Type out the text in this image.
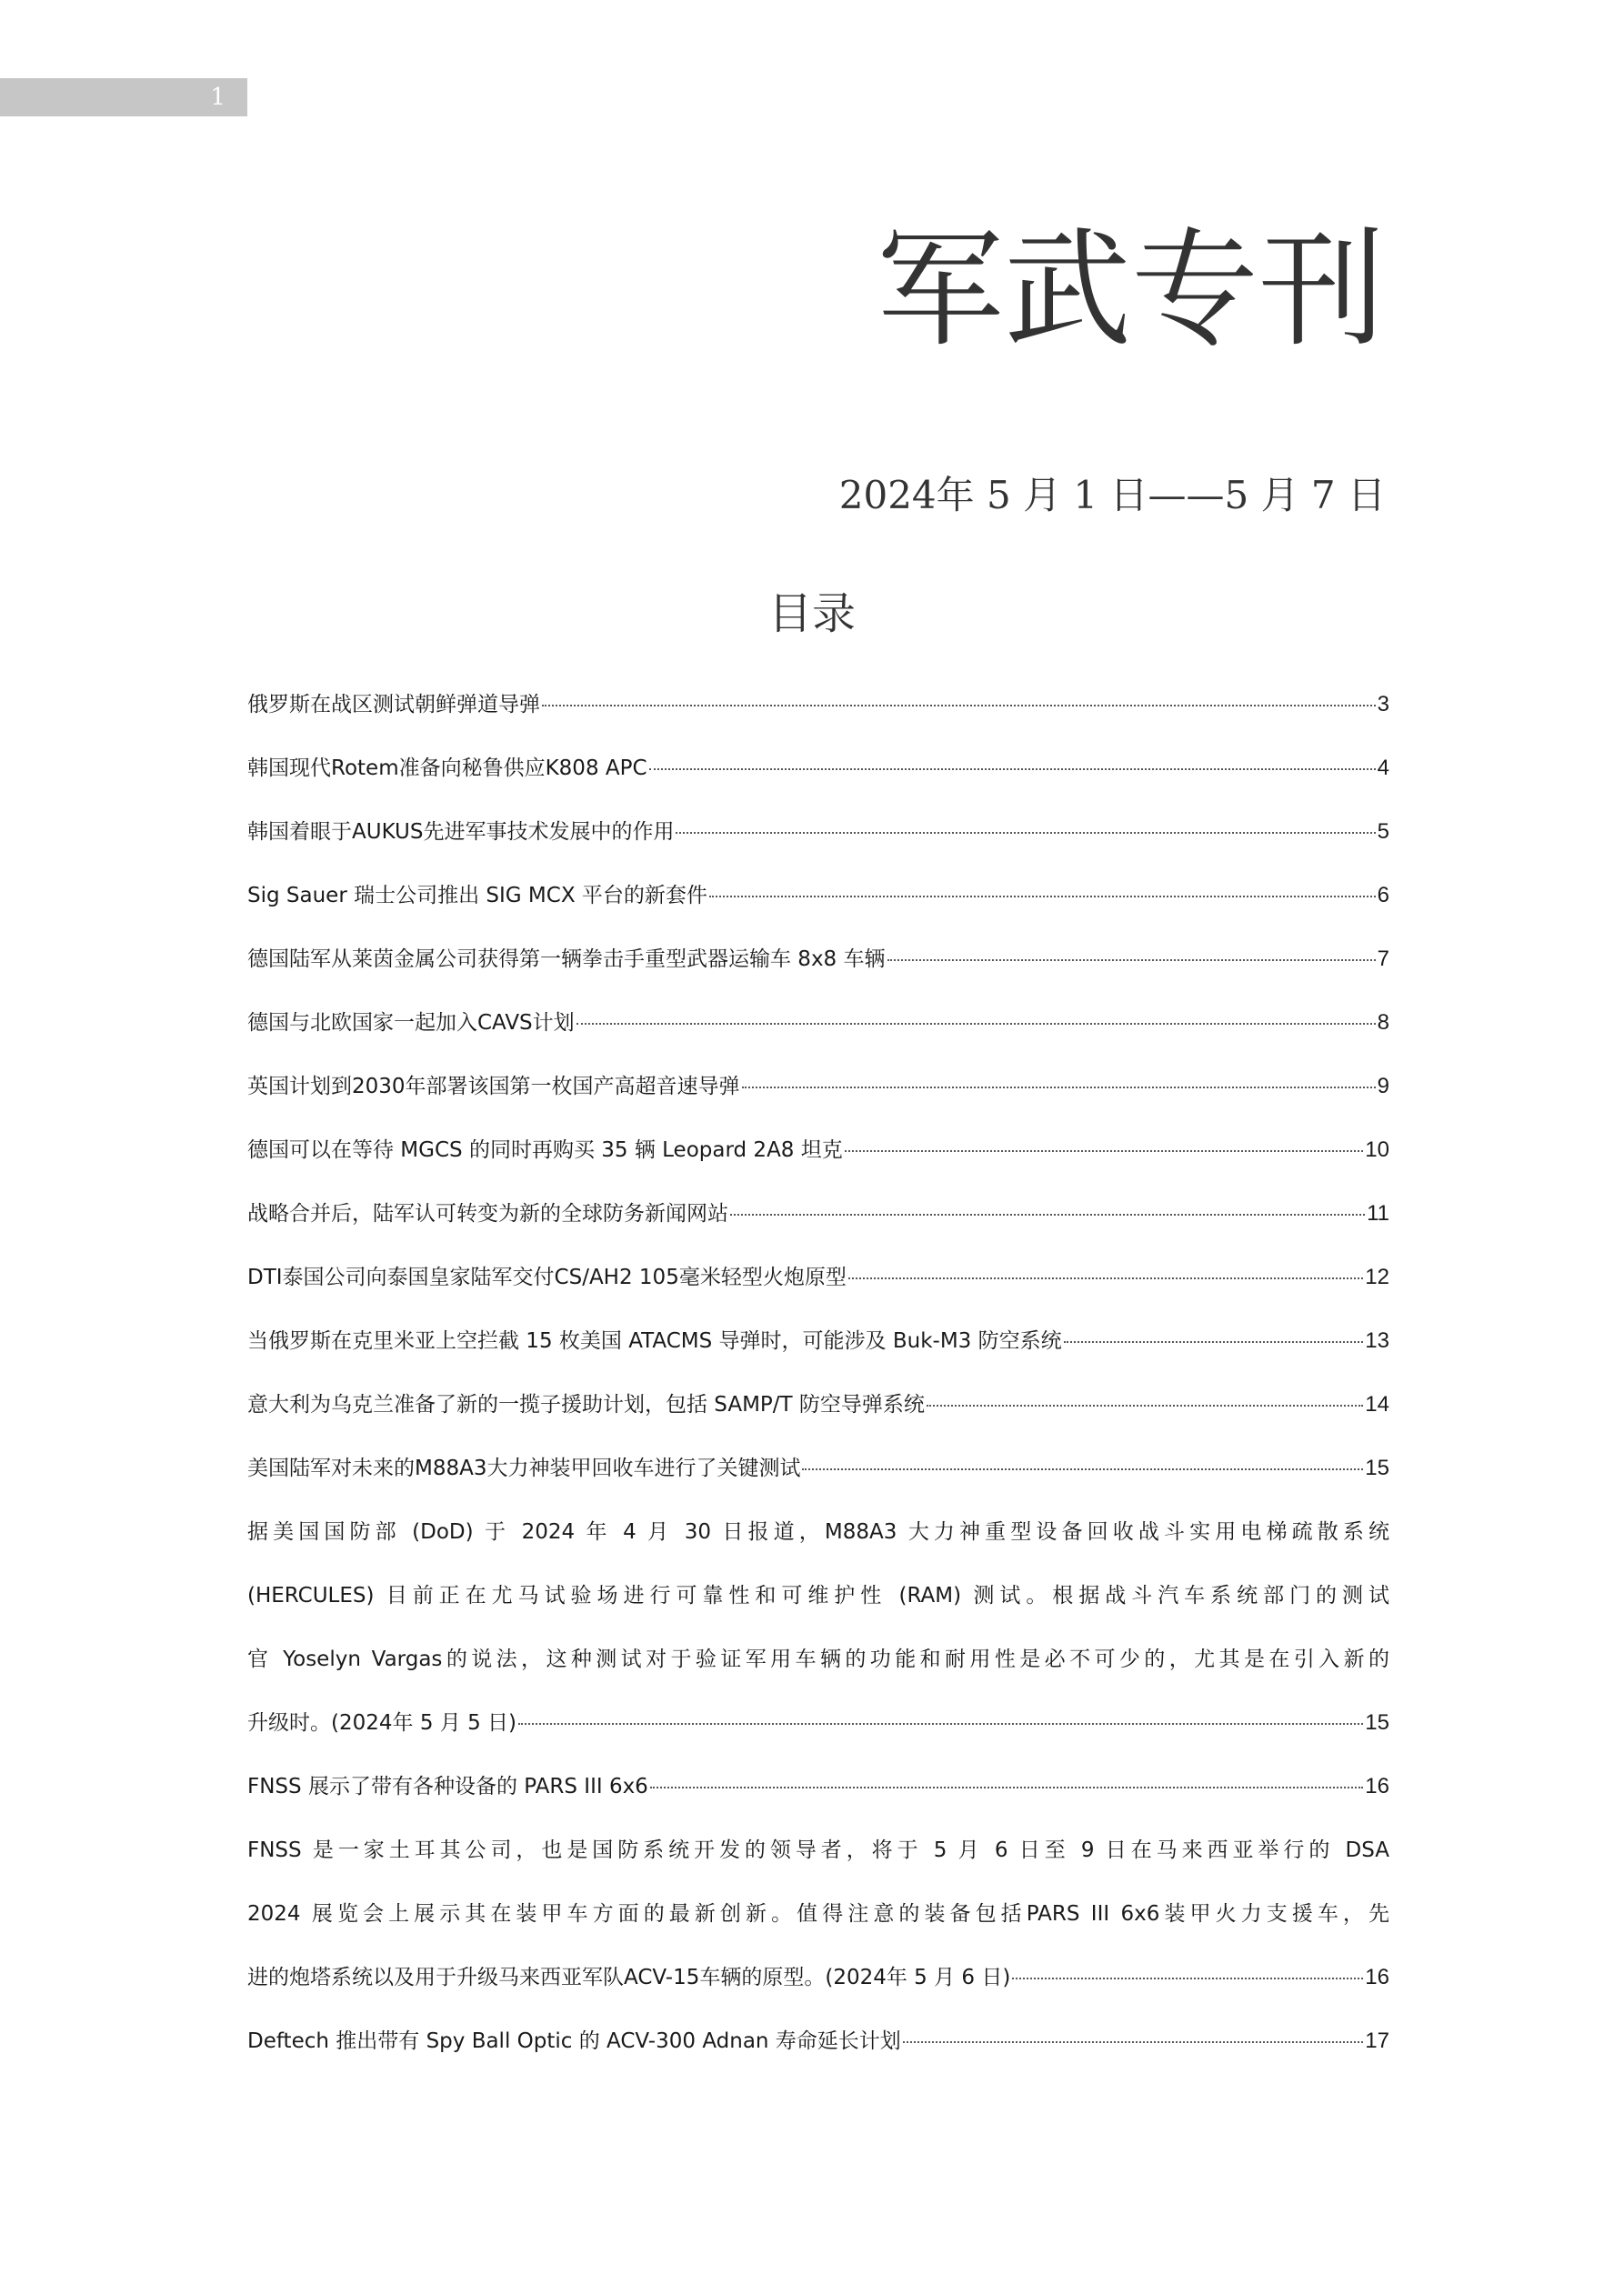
1
军武专刊
2024年 5 月 1 日——5 月 7 日
目录
俄罗斯在战区测试朝鲜弹道导弹	3
韩国现代Rotem准备向秘鲁供应K808 APC	4
韩国着眼于AUKUS先进军事技术发展中的作用	5
Sig Sauer 瑞士公司推出 SIG MCX 平台的新套件	6
德国陆军从莱茵金属公司获得第一辆拳击手重型武器运输车 8x8 车辆	7
德国与北欧国家一起加入CAVS计划	8
英国计划到2030年部署该国第一枚国产高超音速导弹	9
德国可以在等待 MGCS 的同时再购买 35 辆 Leopard 2A8 坦克	10
战略合并后，陆军认可转变为新的全球防务新闻网站	11
DTI泰国公司向泰国皇家陆军交付CS/AH2 105毫米轻型火炮原型	12
当俄罗斯在克里米亚上空拦截 15 枚美国 ATACMS 导弹时，可能涉及 Buk-M3 防空系统	13
意大利为乌克兰准备了新的一揽子援助计划，包括 SAMP/T 防空导弹系统	14
美国陆军对未来的M88A3大力神装甲回收车进行了关键测试	15
据美国国防部 (DoD) 于 2024 年 4 月 30 日报道，M88A3 大力神重型设备回收战斗实用电梯疏散系统
(HERCULES) 目前正在尤马试验场进行可靠性和可维护性 (RAM) 测试。根据战斗汽车系统部门的测试
官 Yoselyn Vargas的说法，这种测试对于验证军用车辆的功能和耐用性是必不可少的，尤其是在引入新的
升级时。(2024年 5 月 5 日)	15
FNSS 展示了带有各种设备的 PARS III 6x6	16
FNSS 是一家土耳其公司，也是国防系统开发的领导者，将于 5 月 6 日至 9 日在马来西亚举行的 DSA
2024 展览会上展示其在装甲车方面的最新创新。值得注意的装备包括PARS III 6x6装甲火力支援车，先
进的炮塔系统以及用于升级马来西亚军队ACV-15车辆的原型。(2024年 5 月 6 日)	16
Deftech 推出带有 Spy Ball Optic 的 ACV-300 Adnan 寿命延长计划	17
